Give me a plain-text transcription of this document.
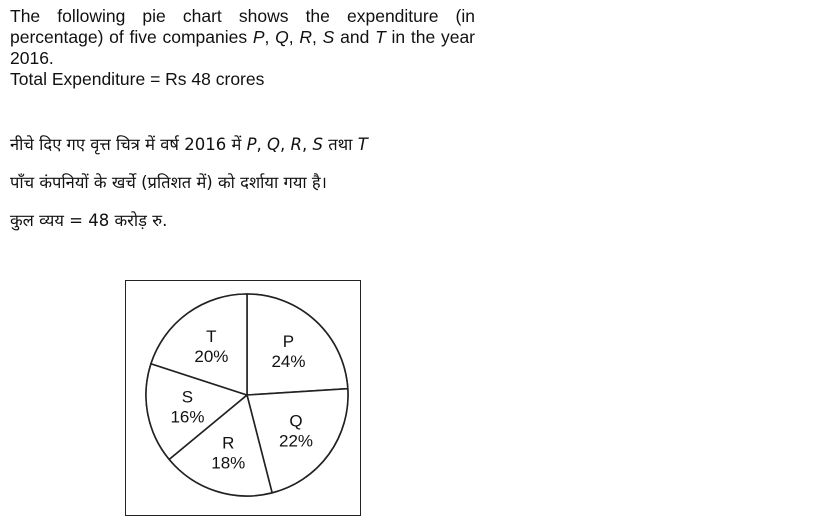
The following pie chart shows the expenditure (in percentage) of five companies P, Q, R, S and T in the year 2016.

Total Expenditure = Rs 48 crores

नीचे दिए गए वृत्त चित्र में वर्ष 2016 में P, Q, R, S तथा T

पाँच कंपनियों के खर्चे (प्रतिशत में) को दर्शाया गया है।

कुल व्यय = 48 करोड़ रु.

P
24%
Q
22%
R
18%
S
16%
T
20%
